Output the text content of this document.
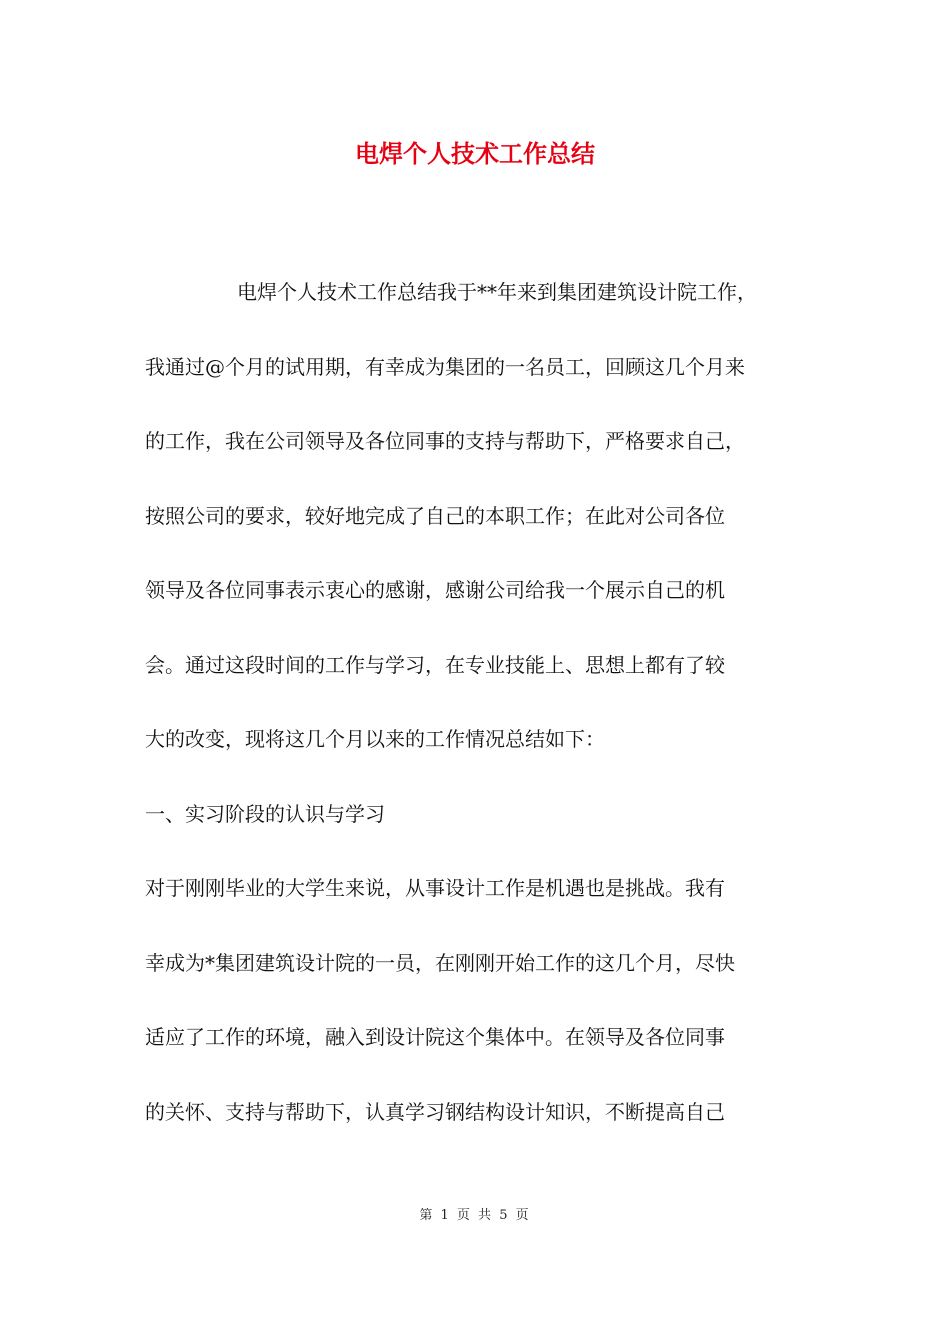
电焊个人技术工作总结
电焊个人技术工作总结我于**年来到集团建筑设计院工作，
我通过@个月的试用期，有幸成为集团的一名员工，回顾这几个月来
的工作，我在公司领导及各位同事的支持与帮助下，严格要求自己，
按照公司的要求，较好地完成了自己的本职工作；在此对公司各位
领导及各位同事表示衷心的感谢，感谢公司给我一个展示自己的机
会。通过这段时间的工作与学习，在专业技能上、思想上都有了较
大的改变，现将这几个月以来的工作情况总结如下：
一、实习阶段的认识与学习
对于刚刚毕业的大学生来说，从事设计工作是机遇也是挑战。我有
幸成为*集团建筑设计院的一员，在刚刚开始工作的这几个月，尽快
适应了工作的环境，融入到设计院这个集体中。在领导及各位同事
的关怀、支持与帮助下，认真学习钢结构设计知识，不断提高自己
第 1 页 共 5 页
